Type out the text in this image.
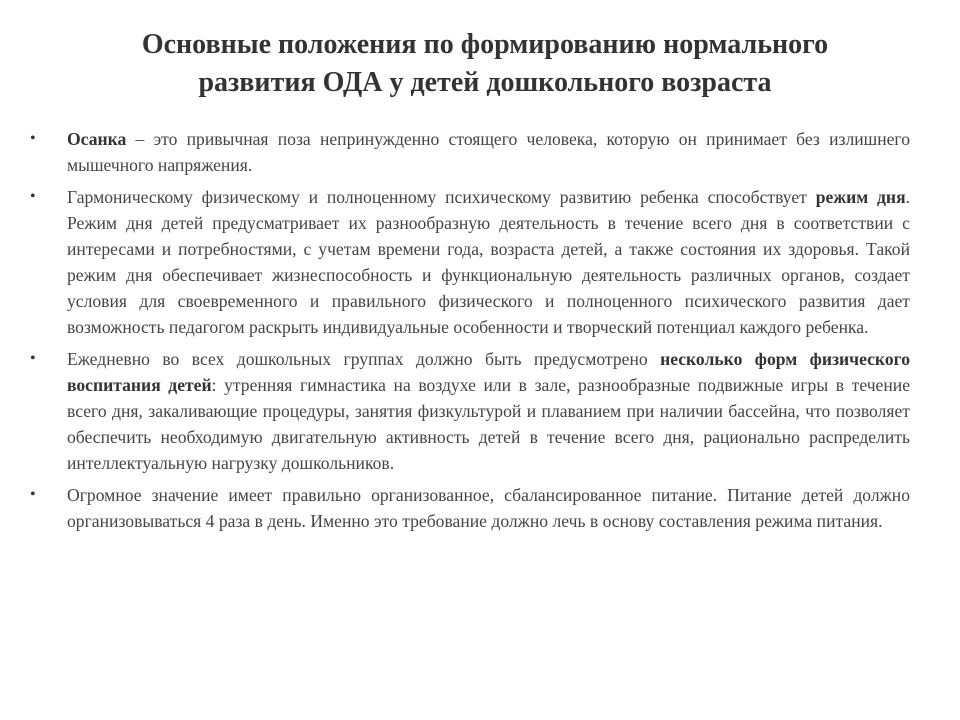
Основные положения по формированию нормального
развития ОДА у детей дошкольного возраста
•	Осанка – это привычная поза непринужденно стоящего человека, которую он принимает без излишнего мышечного напряжения.
•	Гармоническому физическому и полноценному психическому развитию ребенка способствует режим дня. Режим дня детей предусматривает их разнообразную деятельность в течение всего дня в соответствии с интересами и потребностями, с учетам времени года, возраста детей, а также состояния их здоровья. Такой режим дня обеспечивает жизнеспособность и функциональную деятельность различных органов, создает условия для своевременного и правильного физического и полноценного психического развития дает возможность педагогом раскрыть индивидуальные особенности и творческий потенциал каждого ребенка.
•	Ежедневно во всех дошкольных группах должно быть предусмотрено несколько форм физического воспитания детей: утренняя гимнастика на воздухе или в зале, разнообразные подвижные игры в течение всего дня, закаливающие процедуры, занятия физкультурой и плаванием при наличии бассейна, что позволяет обеспечить необходимую двигательную активность детей в течение всего дня, рационально распределить интеллектуальную нагрузку дошкольников.
•	Огромное значение имеет правильно организованное, сбалансированное питание. Питание детей должно организовываться 4 раза в день. Именно это требование должно лечь в основу составления режима питания.
